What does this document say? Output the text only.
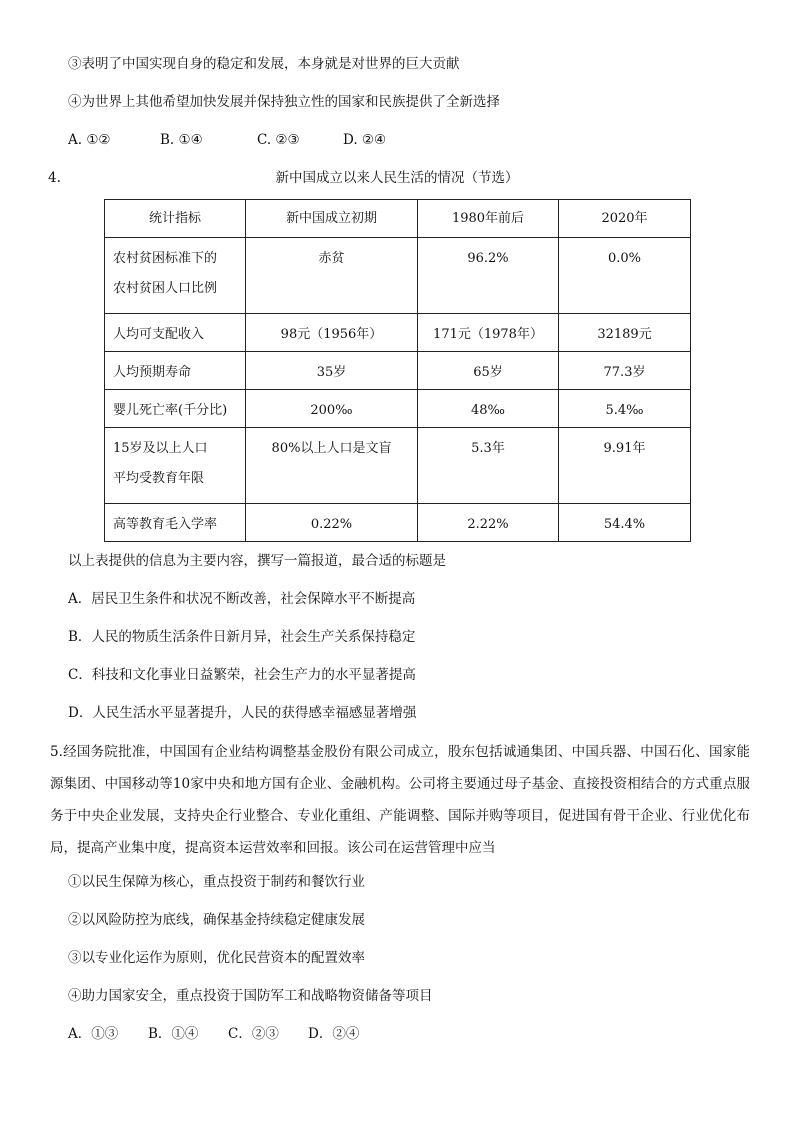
③表明了中国实现自身的稳定和发展，本身就是对世界的巨大贡献
④为世界上其他希望加快发展并保持独立性的国家和民族提供了全新选择
A. ①②	B. ①④	C. ②③	D. ②④
4.	新中国成立以来人民生活的情况（节选）
统计指标	新中国成立初期	1980年前后	2020年
农村贫困标准下的
农村贫困人口比例	赤贫	96.2%	0.0%
人均可支配收入	98元（1956年）	171元（1978年）	32189元
人均预期寿命	35岁	65岁	77.3岁
婴儿死亡率(千分比)	200‰	48‰	5.4‰
15岁及以上人口
平均受教育年限	80%以上人口是文盲	5.3年	9.91年
高等教育毛入学率	0.22%	2.22%	54.4%
以上表提供的信息为主要内容，撰写一篇报道，最合适的标题是
A．居民卫生条件和状况不断改善，社会保障水平不断提高
B．人民的物质生活条件日新月异，社会生产关系保持稳定
C．科技和文化事业日益繁荣，社会生产力的水平显著提高
D．人民生活水平显著提升，人民的获得感幸福感显著增强
5.经国务院批准，中国国有企业结构调整基金股份有限公司成立，股东包括诚通集团、中国兵器、中国石化、国家能源集团、中国移动等10家中央和地方国有企业、金融机构。公司将主要通过母子基金、直接投资相结合的方式重点服务于中央企业发展，支持央企行业整合、专业化重组、产能调整、国际并购等项目，促进国有骨干企业、行业优化布局，提高产业集中度，提高资本运营效率和回报。该公司在运营管理中应当
①以民生保障为核心，重点投资于制药和餐饮行业
②以风险防控为底线，确保基金持续稳定健康发展
③以专业化运作为原则，优化民营资本的配置效率
④助力国家安全，重点投资于国防军工和战略物资储备等项目
A．①③ B．①④ C．②③ D．②④
